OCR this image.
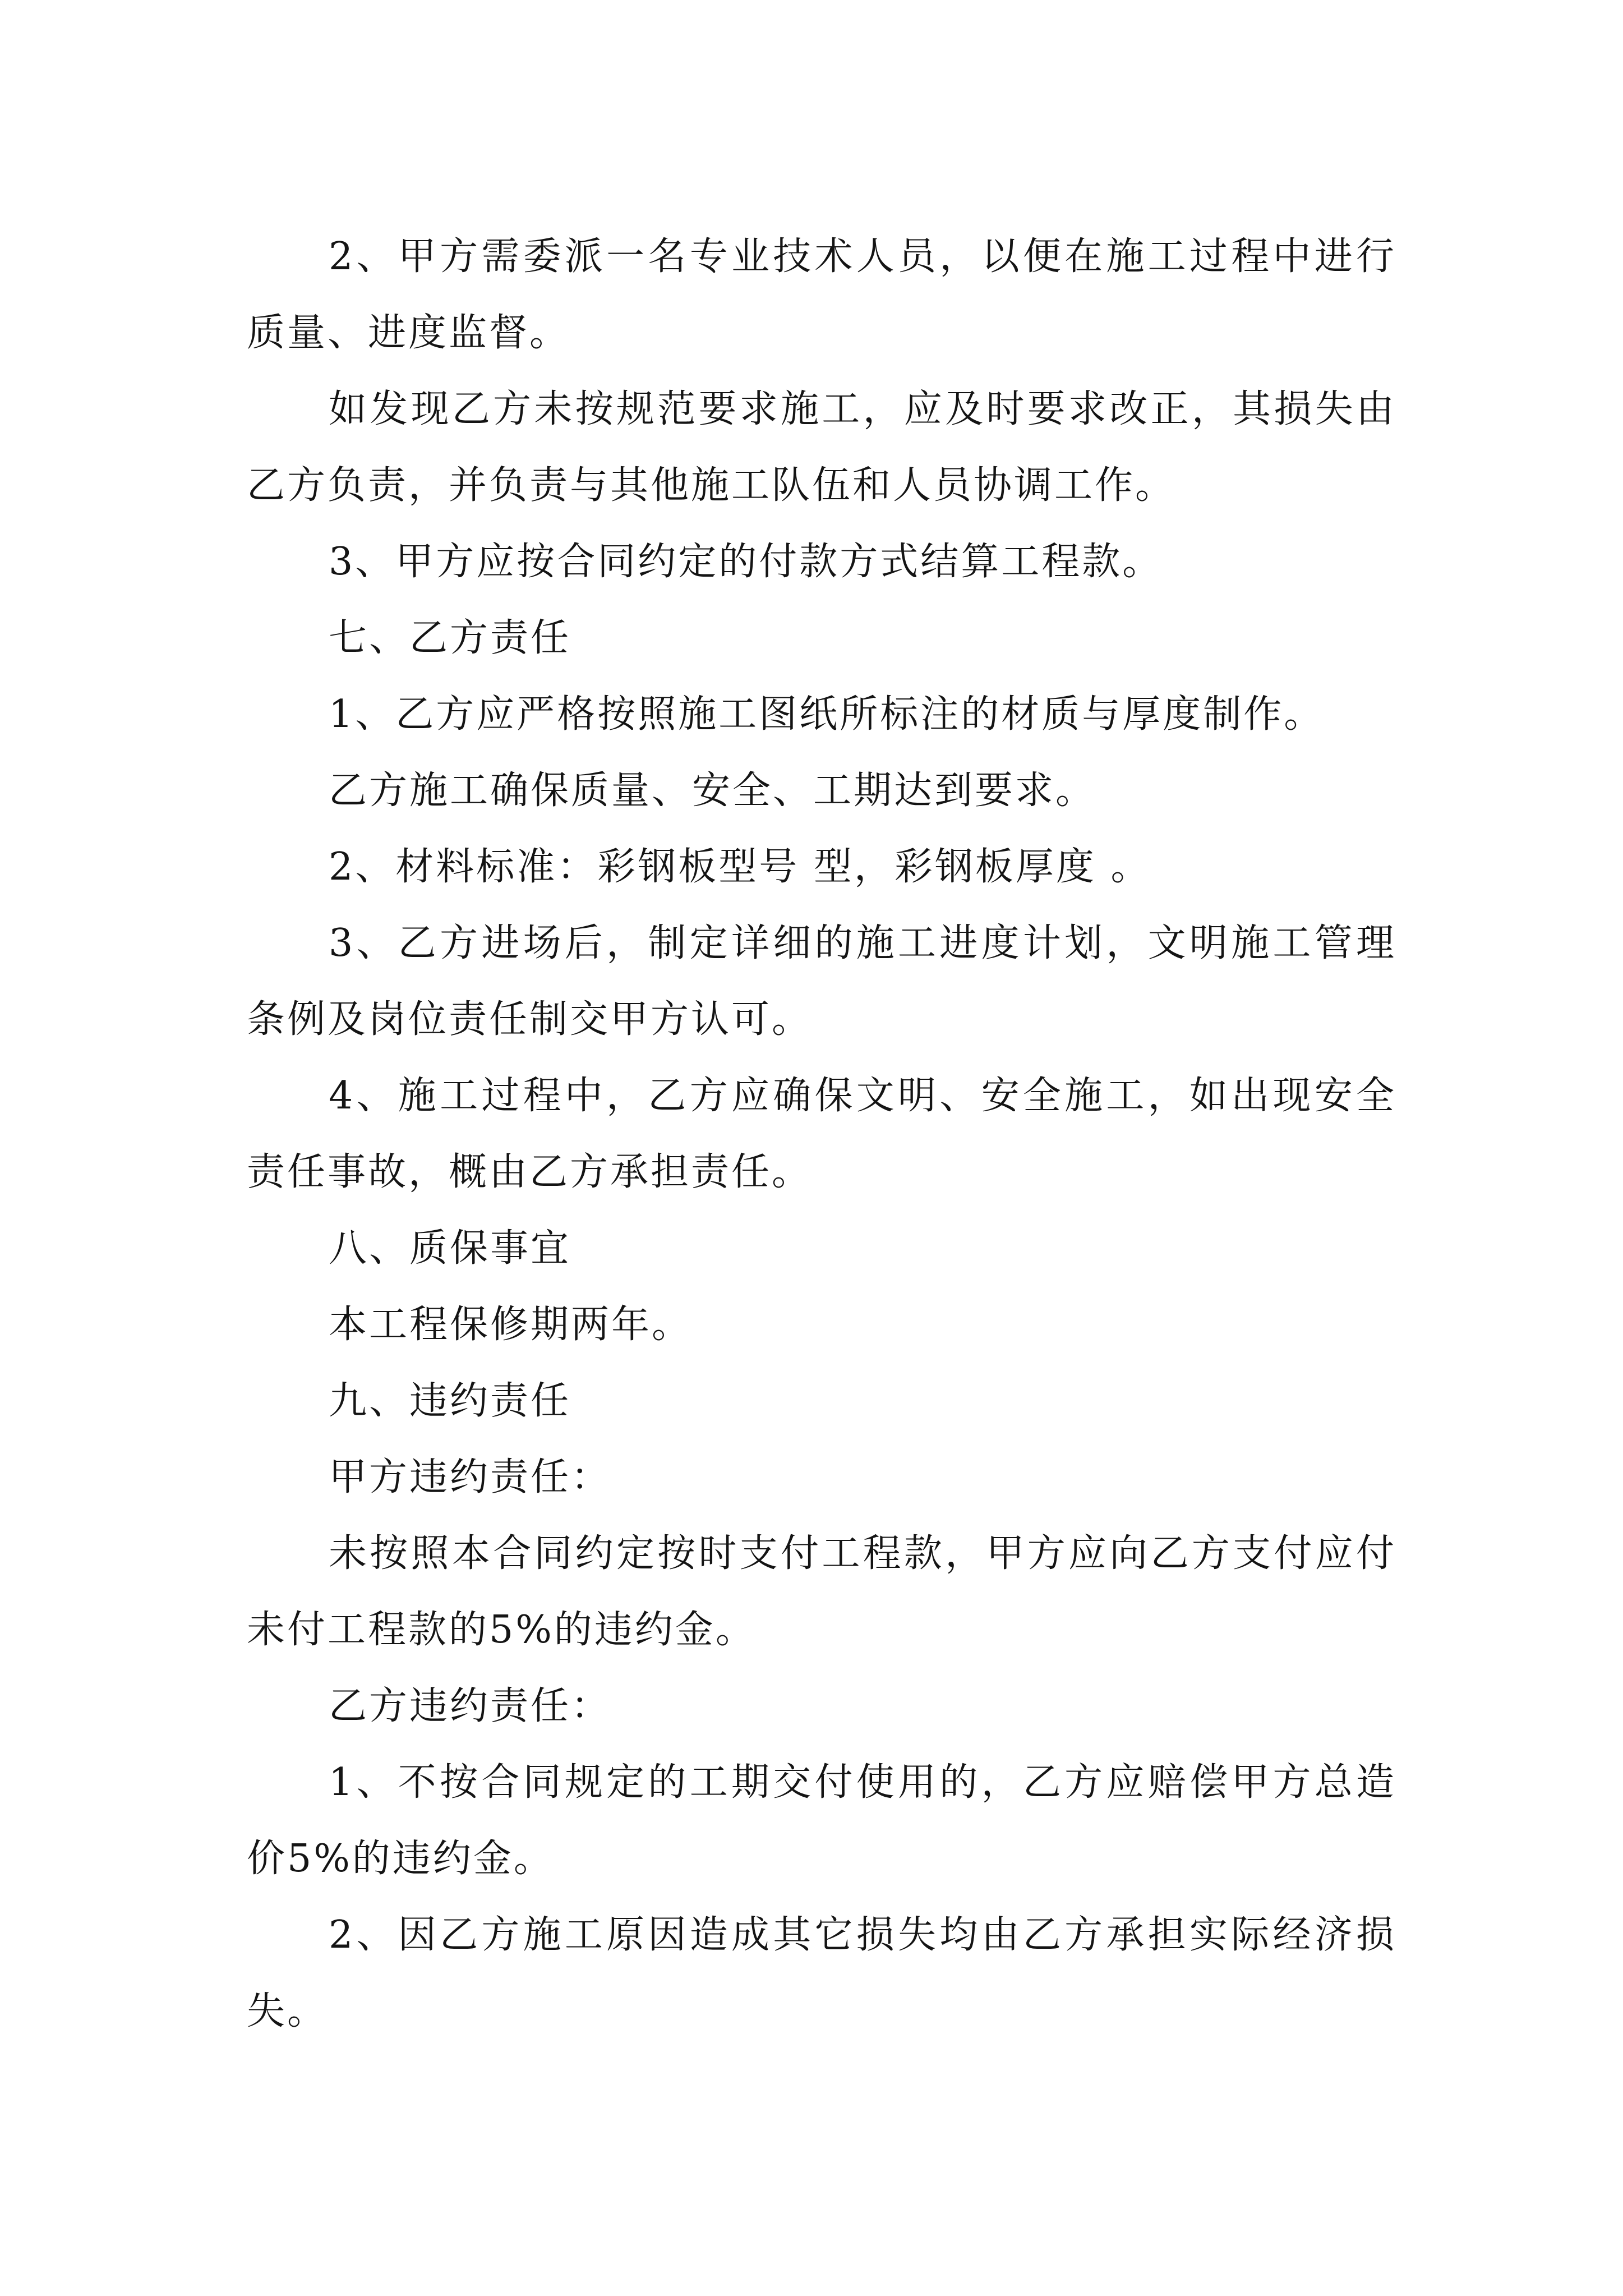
2、甲方需委派一名专业技术人员，以便在施工过程中进行质量、进度监督。

如发现乙方未按规范要求施工，应及时要求改正，其损失由乙方负责，并负责与其他施工队伍和人员协调工作。

3、甲方应按合同约定的付款方式结算工程款。

七、乙方责任

1、乙方应严格按照施工图纸所标注的材质与厚度制作。

乙方施工确保质量、安全、工期达到要求。

2、材料标准：彩钢板型号 型，彩钢板厚度 。

3、乙方进场后，制定详细的施工进度计划，文明施工管理条例及岗位责任制交甲方认可。

4、施工过程中，乙方应确保文明、安全施工，如出现安全责任事故，概由乙方承担责任。

八、质保事宜

本工程保修期两年。

九、违约责任

甲方违约责任：

未按照本合同约定按时支付工程款，甲方应向乙方支付应付未付工程款的5%的违约金。

乙方违约责任：

1、不按合同规定的工期交付使用的，乙方应赔偿甲方总造价5%的违约金。

2、因乙方施工原因造成其它损失均由乙方承担实际经济损失。
